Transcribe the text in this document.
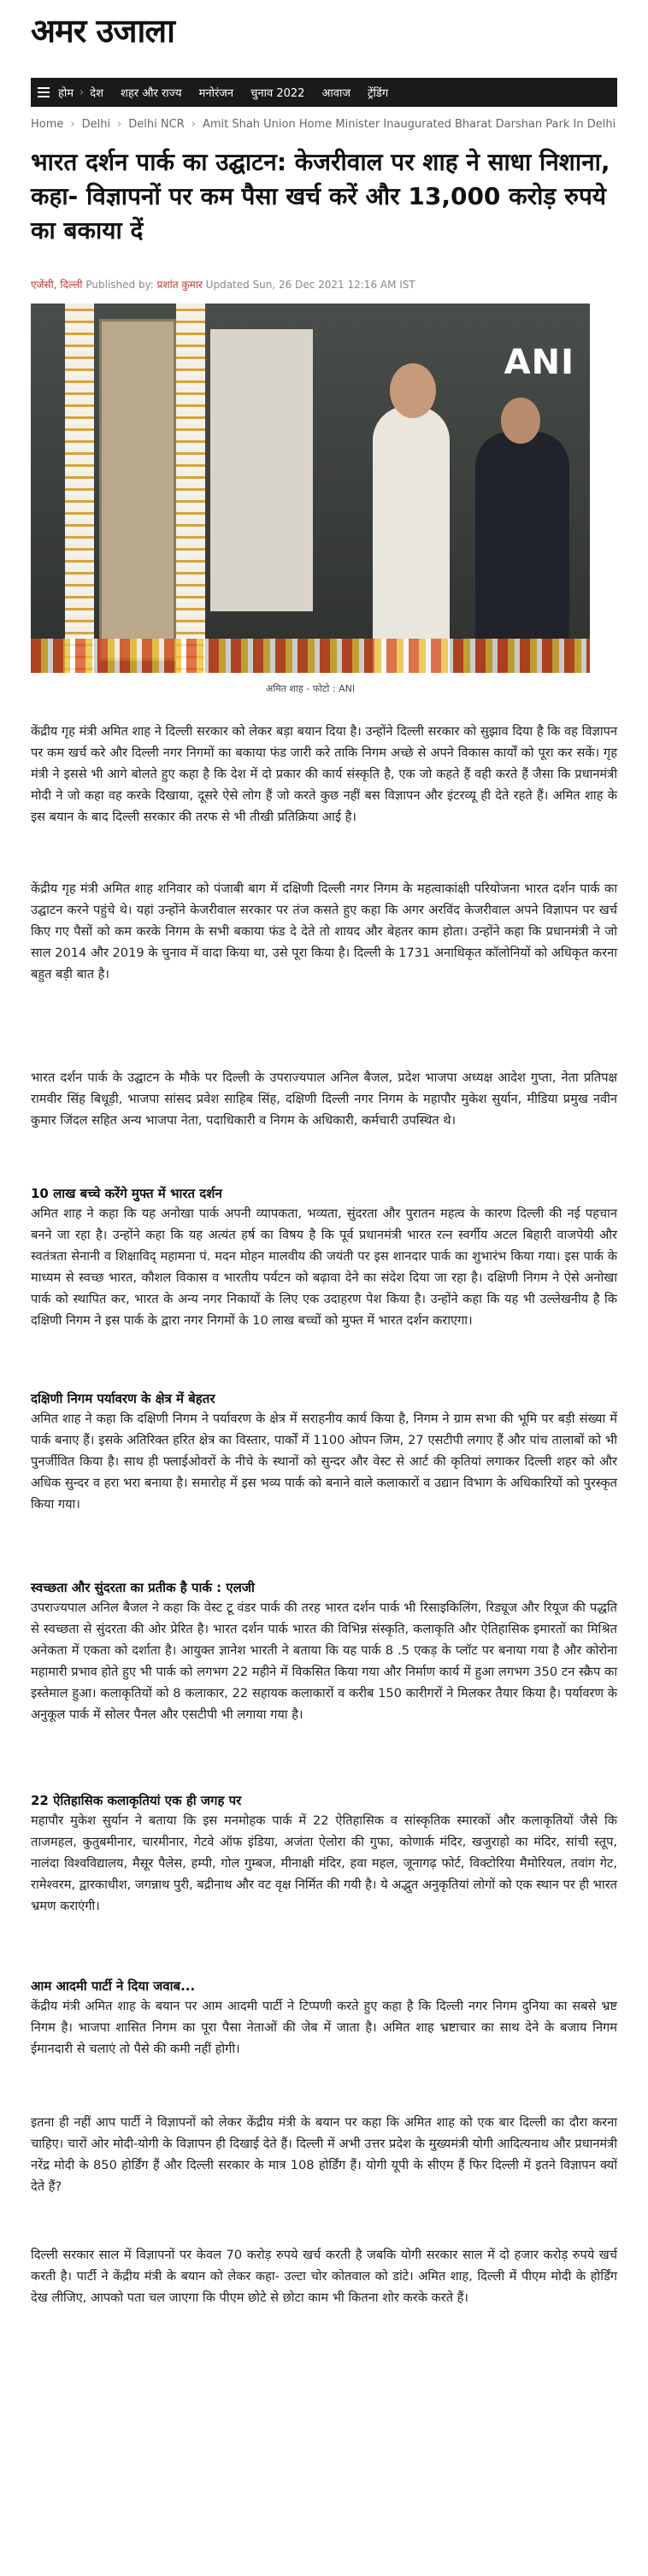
अमर उजाला
होम › देश शहर और राज्य मनोरंजन चुनाव 2022 आवाज ट्रेंडिंग
Home › Delhi › Delhi NCR › Amit Shah Union Home Minister Inaugurated Bharat Darshan Park In Delhi
भारत दर्शन पार्क का उद्घाटन: केजरीवाल पर शाह ने साधा निशाना, कहा- विज्ञापनों पर कम पैसा खर्च करें और 13,000 करोड़ रुपये का बकाया दें
एजेंसी, दिल्ली Published by: प्रशांत कुमार Updated Sun, 26 Dec 2021 12:16 AM IST
ANI
अमित शाह - फोटो : ANI

केंद्रीय गृह मंत्री अमित शाह ने दिल्ली सरकार को लेकर बड़ा बयान दिया है। उन्होंने दिल्ली सरकार को सुझाव दिया है कि वह विज्ञापन पर कम खर्च करे और दिल्ली नगर निगमों का बकाया फंड जारी करे ताकि निगम अच्छे से अपने विकास कार्यों को पूरा कर सकें। गृह मंत्री ने इससे भी आगे बोलते हुए कहा है कि देश में दो प्रकार की कार्य संस्कृति है, एक जो कहते हैं वही करते हैं जैसा कि प्रधानमंत्री मोदी ने जो कहा वह करके दिखाया, दूसरे ऐसे लोग हैं जो करते कुछ नहीं बस विज्ञापन और इंटरव्यू ही देते रहते हैं। अमित शाह के इस बयान के बाद दिल्ली सरकार की तरफ से भी तीखी प्रतिक्रिया आई है।

केंद्रीय गृह मंत्री अमित शाह शनिवार को पंजाबी बाग में दक्षिणी दिल्ली नगर निगम के महत्वाकांक्षी परियोजना भारत दर्शन पार्क का उद्घाटन करने पहुंचे थे। यहां उन्होंने केजरीवाल सरकार पर तंज कसते हुए कहा कि अगर अरविंद केजरीवाल अपने विज्ञापन पर खर्च किए गए पैसों को कम करके निगम के सभी बकाया फंड दे देते तो शायद और बेहतर काम होता। उन्होंने कहा कि प्रधानमंत्री ने जो साल 2014 और 2019 के चुनाव में वादा किया था, उसे पूरा किया है। दिल्ली के 1731 अनाधिकृत कॉलोनियों को अधिकृत करना बहुत बड़ी बात है।

भारत दर्शन पार्क के उद्घाटन के मौके पर दिल्ली के उपराज्यपाल अनिल बैजल, प्रदेश भाजपा अध्यक्ष आदेश गुप्ता, नेता प्रतिपक्ष रामवीर सिंह बिधूड़ी, भाजपा सांसद प्रवेश साहिब सिंह, दक्षिणी दिल्ली नगर निगम के महापौर मुकेश सुर्यान, मीडिया प्रमुख नवीन कुमार जिंदल सहित अन्य भाजपा नेता, पदाधिकारी व निगम के अधिकारी, कर्मचारी उपस्थित थे।

10 लाख बच्चे करेंगे मुफ्त में भारत दर्शन

अमित शाह ने कहा कि यह अनोखा पार्क अपनी व्यापकता, भव्यता, सुंदरता और पुरातन महत्व के कारण दिल्ली की नई पहचान बनने जा रहा है। उन्होंने कहा कि यह अत्यंत हर्ष का विषय है कि पूर्व प्रधानमंत्री भारत रत्न स्वर्गीय अटल बिहारी वाजपेयी और स्वतंत्रता सेनानी व शिक्षाविद् महामना पं. मदन मोहन मालवीय की जयंती पर इस शानदार पार्क का शुभारंभ किया गया। इस पार्क के माध्यम से स्वच्छ भारत, कौशल विकास व भारतीय पर्यटन को बढ़ावा देने का संदेश दिया जा रहा है। दक्षिणी निगम ने ऐसे अनोखा पार्क को स्थापित कर, भारत के अन्य नगर निकायों के लिए एक उदाहरण पेश किया है। उन्होंने कहा कि यह भी उल्लेखनीय है कि दक्षिणी निगम ने इस पार्क के द्वारा नगर निगमों के 10 लाख बच्चों को मुफ्त में भारत दर्शन कराएगा।

दक्षिणी निगम पर्यावरण के क्षेत्र में बेहतर

अमित शाह ने कहा कि दक्षिणी निगम ने पर्यावरण के क्षेत्र में सराहनीय कार्य किया है, निगम ने ग्राम सभा की भूमि पर बड़ी संख्या में पार्क बनाए हैं। इसके अतिरिक्त हरित क्षेत्र का विस्तार, पार्कों में 1100 ओपन जिम, 27 एसटीपी लगाए हैं और पांच तालाबों को भी पुनर्जीवित किया है। साथ ही फ्लाईओवरों के नीचे के स्थानों को सुन्दर और वेस्ट से आर्ट की कृतियां लगाकर दिल्ली शहर को और अधिक सुन्दर व हरा भरा बनाया है। समारोह में इस भव्य पार्क को बनाने वाले कलाकारों व उद्यान विभाग के अधिकारियों को पुरस्कृत किया गया।

स्वच्छता और सुंदरता का प्रतीक है पार्क : एलजी

उपराज्यपाल अनिल बैजल ने कहा कि वेस्ट टू वंडर पार्क की तरह भारत दर्शन पार्क भी रिसाइकिलिंग, रिड्यूज और रियूज की पद्धति से स्वच्छता से सुंदरता की ओर प्रेरित है। भारत दर्शन पार्क भारत की विभिन्न संस्कृति, कलाकृति और ऐतिहासिक इमारतों का मिश्रित अनेकता में एकता को दर्शाता है। आयुक्त ज्ञानेश भारती ने बताया कि यह पार्क 8 .5 एकड़ के प्लॉट पर बनाया गया है और कोरोना महामारी प्रभाव होते हुए भी पार्क को लगभग 22 महीने में विकसित किया गया और निर्माण कार्य में हुआ लगभग 350 टन स्क्रैप का इस्तेमाल हुआ। कलाकृतियों को 8 कलाकार, 22 सहायक कलाकारों व करीब 150 कारीगरों ने मिलकर तैयार किया है। पर्यावरण के अनुकूल पार्क में सोलर पैनल और एसटीपी भी लगाया गया है।

22 ऐतिहासिक कलाकृतियां एक ही जगह पर

महापौर मुकेश सुर्यान ने बताया कि इस मनमोहक पार्क में 22 ऐतिहासिक व सांस्कृतिक स्मारकों और कलाकृतियों जैसे कि ताजमहल, कुतुबमीनार, चारमीनार, गेटवे ऑफ इंडिया, अजंता ऐलोरा की गुफा, कोणार्क मंदिर, खजुराहो का मंदिर, सांची स्तूप, नालंदा विश्वविद्यालय, मैसूर पैलेस, हम्पी, गोल गुम्बज, मीनाक्षी मंदिर, हवा महल, जूनागढ़ फोर्ट, विक्टोरिया मैमोरियल, तवांग गेट, रामेश्वरम, द्वारकाधीश, जगन्नाथ पुरी, बद्रीनाथ और वट वृक्ष निर्मित की गयी है। ये अद्भुत अनुकृतियां लोगों को एक स्थान पर ही भारत भ्रमण कराएंगी।

आम आदमी पार्टी ने दिया जवाब...

केंद्रीय मंत्री अमित शाह के बयान पर आम आदमी पार्टी ने टिप्पणी करते हुए कहा है कि दिल्ली नगर निगम दुनिया का सबसे भ्रष्ट निगम है। भाजपा शासित निगम का पूरा पैसा नेताओं की जेब में जाता है। अमित शाह भ्रष्टाचार का साथ देने के बजाय निगम ईमानदारी से चलाएं तो पैसे की कमी नहीं होगी।

इतना ही नहीं आप पार्टी ने विज्ञापनों को लेकर केंद्रीय मंत्री के बयान पर कहा कि अमित शाह को एक बार दिल्ली का दौरा करना चाहिए। चारों ओर मोदी-योगी के विज्ञापन ही दिखाई देते हैं। दिल्ली में अभी उत्तर प्रदेश के मुख्यमंत्री योगी आदित्यनाथ और प्रधानमंत्री नरेंद्र मोदी के 850 होर्डिंग हैं और दिल्ली सरकार के मात्र 108 होर्डिंग हैं। योगी यूपी के सीएम हैं फिर दिल्ली में इतने विज्ञापन क्यों देते हैं?

दिल्ली सरकार साल में विज्ञापनों पर केवल 70 करोड़ रुपये खर्च करती है जबकि योगी सरकार साल में दो हजार करोड़ रुपये खर्च करती है। पार्टी ने केंद्रीय मंत्री के बयान को लेकर कहा- उल्टा चोर कोतवाल को डांटे। अमित शाह, दिल्ली में पीएम मोदी के होर्डिंग देख लीजिए, आपको पता चल जाएगा कि पीएम छोटे से छोटा काम भी कितना शोर करके करते हैं।
